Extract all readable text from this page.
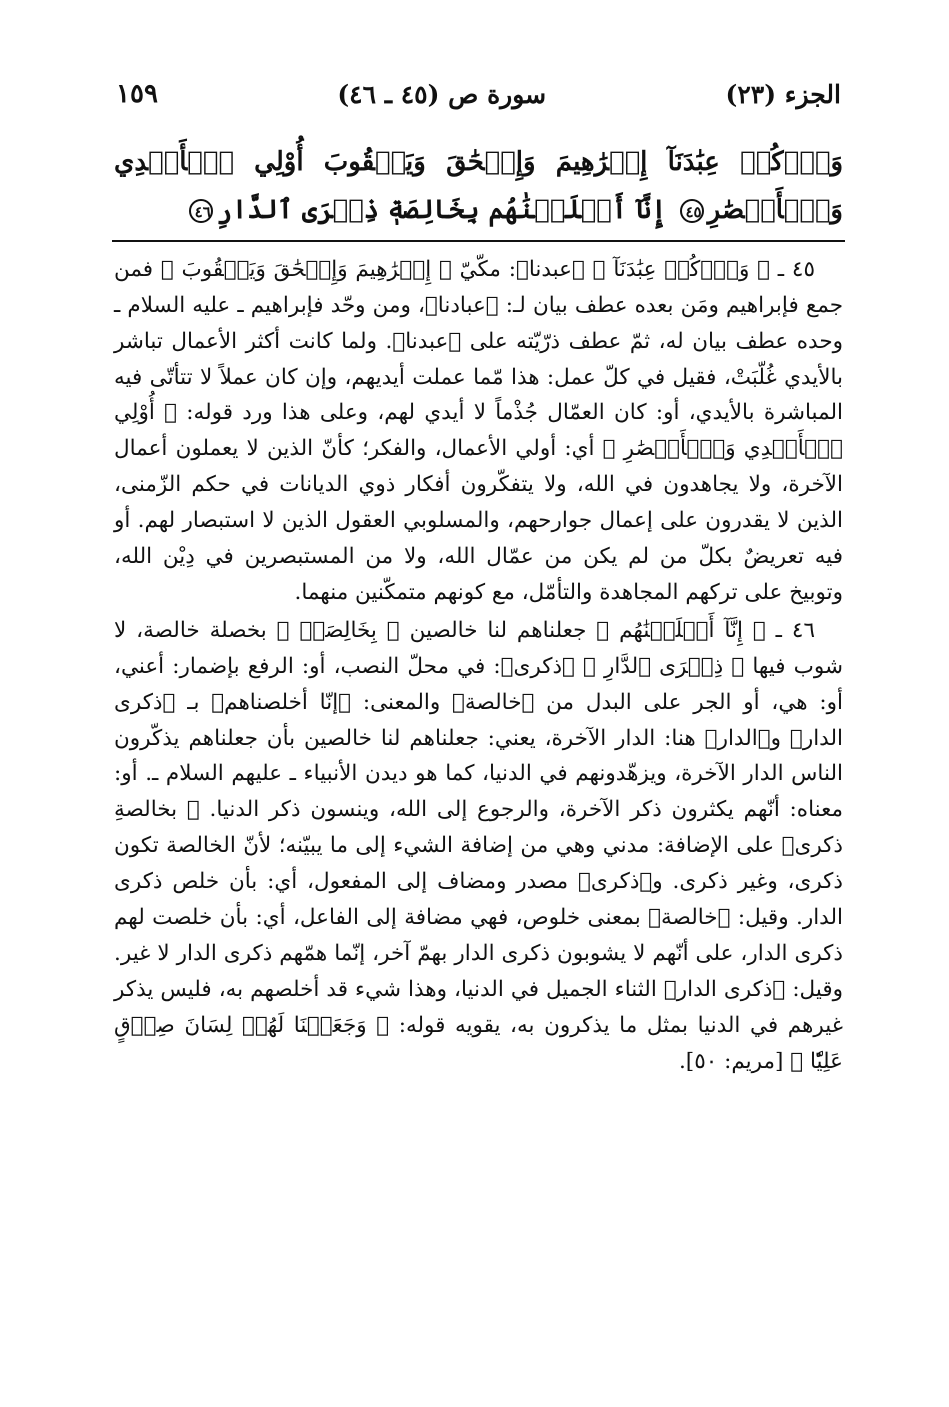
الجزء (٢٣)
سورة ص (٤٥ ـ ٤٦)
١٥٩
وَٱذۡكُرۡ عِبَٰدَنَآ إِبۡرَٰهِيمَ وَإِسۡحَٰقَ وَيَعۡقُوبَ أُوْلِي ٱلۡأَيۡدِي وَٱلۡأَبۡصَٰرِ٤٥ إِنَّآ أَخۡلَصۡنَٰهُم بِخَالِصَةٖ ذِكۡرَى ٱلدَّارِ٤٦

٤٥ ـ ﴿ وَٱذۡكُرۡ عِبَٰدَنَآ ﴾ ﴿عبدنا﴾: مكّيّ ﴿ إِبۡرَٰهِيمَ وَإِسۡحَٰقَ وَيَعۡقُوبَ ﴾ فمن جمع فإبراهيم ومَن بعده عطف بيان لـ: ﴿عبادنا﴾، ومن وحّد فإبراهيم ـ عليه السلام ـ وحده عطف بيان له، ثمّ عطف ذرّيّته على ﴿عبدنا﴾. ولما كانت أكثر الأعمال تباشر بالأيدي غُلّبَتْ، فقيل في كلّ عمل: هذا مّما عملت أيديهم، وإن كان عملاً لا تتأتّى فيه المباشرة بالأيدي، أو: كان العمّال جُذْماً لا أيدي لهم، وعلى هذا ورد قوله: ﴿ أُوْلِي ٱلۡأَيۡدِي وَٱلۡأَبۡصَٰرِ ﴾ أي: أولي الأعمال، والفكر؛ كأنّ الذين لا يعملون أعمال الآخرة، ولا يجاهدون في الله، ولا يتفكّرون أفكار ذوي الديانات في حكم الزّمنى، الذين لا يقدرون على إعمال جوارحهم، والمسلوبي العقول الذين لا استبصار لهم. أو فيه تعريضٌ بكلّ من لم يكن من عمّال الله، ولا من المستبصرين في دِيْن الله، وتوبيخ على تركهم المجاهدة والتأمّل، مع كونهم متمكّنين منهما.

٤٦ ـ ﴿ إِنَّآ أَخۡلَصۡنَٰهُم ﴾ جعلناهم لنا خالصين ﴿ بِخَالِصَةٖ ﴾ بخصلة خالصة، لا شوب فيها ﴿ ذِكۡرَى ٱلدَّارِ ﴾ ﴿ذكرى﴾: في محلّ النصب، أو: الرفع بإضمار: أعني، أو: هي، أو الجر على البدل من ﴿خالصة﴾ والمعنى: ﴿إنّا أخلصناهم﴾ بـ ﴿ذكرى الدار﴾ و﴿الدار﴾ هنا: الدار الآخرة، يعني: جعلناهم لنا خالصين بأن جعلناهم يذكّرون الناس الدار الآخرة، ويزهّدونهم في الدنيا، كما هو ديدن الأنبياء ـ عليهم السلام ـ. أو: معناه: أنّهم يكثرون ذكر الآخرة، والرجوع إلى الله، وينسون ذكر الدنيا. ﴿ بخالصةِ ذكرى﴾ على الإضافة: مدني وهي من إضافة الشيء إلى ما يبيّنه؛ لأنّ الخالصة تكون ذكرى، وغير ذكرى. و﴿ذكرى﴾ مصدر ومضاف إلى المفعول، أي: بأن خلص ذكرى الدار. وقيل: ﴿خالصة﴾ بمعنى خلوص، فهي مضافة إلى الفاعل، أي: بأن خلصت لهم ذكرى الدار، على أنّهم لا يشوبون ذكرى الدار بهمّ آخر، إنّما همّهم ذكرى الدار لا غير. وقيل: ﴿ذكرى الدار﴾ الثناء الجميل في الدنيا، وهذا شيء قد أخلصهم به، فليس يذكر غيرهم في الدنيا بمثل ما يذكرون به، يقويه قوله: ﴿ وَجَعَلۡنَا لَهُمۡ لِسَانَ صِدۡقٍ عَلِيّٗا ﴾ [مريم: ٥٠].
